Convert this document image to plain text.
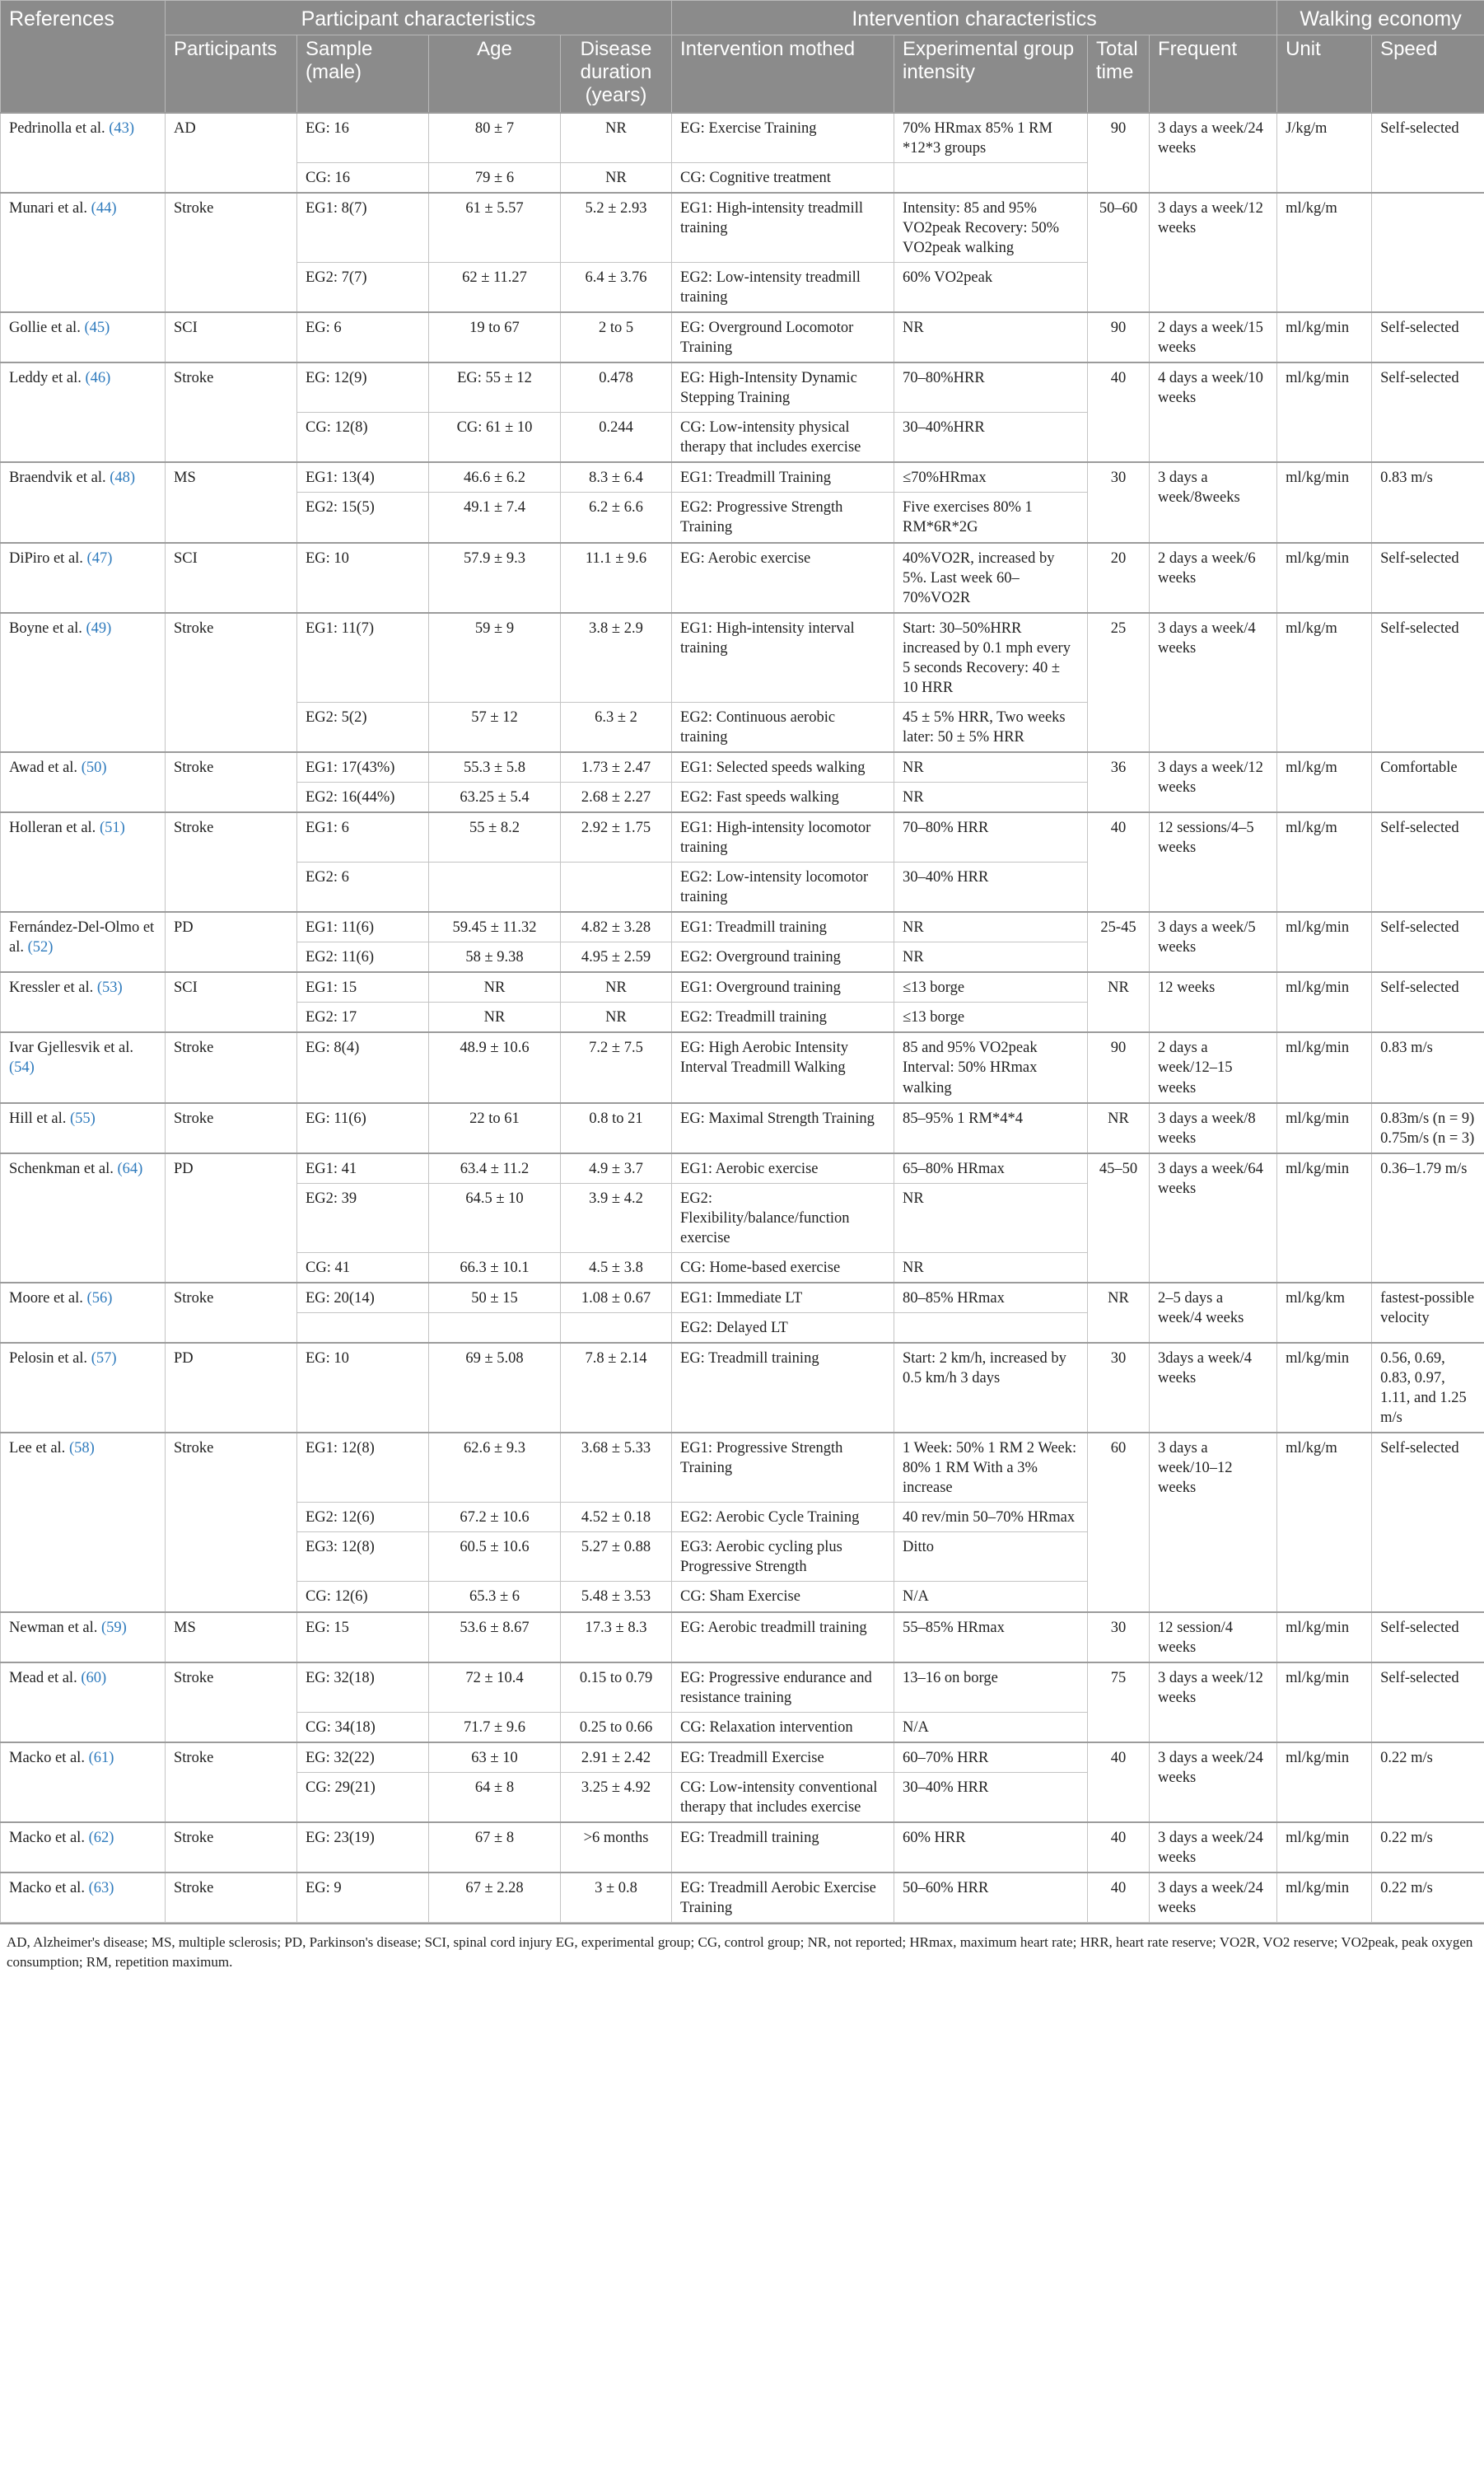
References	Participant characteristics				Intervention characteristics				Walking economy	
	Participants	Sample (male)	Age	Disease duration (years)	Intervention mothed	Experimental group intensity	Total time	Frequent	Unit	Speed
Pedrinolla et al. (43)	AD	EG: 16	80 ± 7	NR	EG: Exercise Training	70% HRmax 85% 1 RM *12*3 groups	90	3 days a week/24 weeks	J/kg/m	Self-selected
		CG: 16	79 ± 6	NR	CG: Cognitive treatment					
Munari et al. (44)	Stroke	EG1: 8(7)	61 ± 5.57	5.2 ± 2.93	EG1: High-intensity treadmill training	Intensity: 85 and 95% VO2peak Recovery: 50% VO2peak walking	50–60	3 days a week/12 weeks	ml/kg/m	
		EG2: 7(7)	62 ± 11.27	6.4 ± 3.76	EG2: Low-intensity treadmill training	60% VO2peak				
Gollie et al. (45)	SCI	EG: 6	19 to 67	2 to 5	EG: Overground Locomotor Training	NR	90	2 days a week/15 weeks	ml/kg/min	Self-selected
Leddy et al. (46)	Stroke	EG: 12(9)	EG: 55 ± 12	0.478	EG: High-Intensity Dynamic Stepping Training	70–80%HRR	40	4 days a week/10 weeks	ml/kg/min	Self-selected
		CG: 12(8)	CG: 61 ± 10	0.244	CG: Low-intensity physical therapy that includes exercise	30–40%HRR				
Braendvik et al. (48)	MS	EG1: 13(4)	46.6 ± 6.2	8.3 ± 6.4	EG1: Treadmill Training	≤70%HRmax	30	3 days a week/8weeks	ml/kg/min	0.83 m/s
		EG2: 15(5)	49.1 ± 7.4	6.2 ± 6.6	EG2: Progressive Strength Training	Five exercises 80% 1 RM*6R*2G				
DiPiro et al. (47)	SCI	EG: 10	57.9 ± 9.3	11.1 ± 9.6	EG: Aerobic exercise	40%VO2R, increased by 5%. Last week 60–70%VO2R	20	2 days a week/6 weeks	ml/kg/min	Self-selected
Boyne et al. (49)	Stroke	EG1: 11(7)	59 ± 9	3.8 ± 2.9	EG1: High-intensity interval training	Start: 30–50%HRR increased by 0.1 mph every 5 seconds Recovery: 40 ± 10 HRR	25	3 days a week/4 weeks	ml/kg/m	Self-selected
		EG2: 5(2)	57 ± 12	6.3 ± 2	EG2: Continuous aerobic training	45 ± 5% HRR, Two weeks later: 50 ± 5% HRR				
Awad et al. (50)	Stroke	EG1: 17(43%)	55.3 ± 5.8	1.73 ± 2.47	EG1: Selected speeds walking	NR	36	3 days a week/12 weeks	ml/kg/m	Comfortable
		EG2: 16(44%)	63.25 ± 5.4	2.68 ± 2.27	EG2: Fast speeds walking	NR				
Holleran et al. (51)	Stroke	EG1: 6	55 ± 8.2	2.92 ± 1.75	EG1: High-intensity locomotor training	70–80% HRR	40	12 sessions/4–5 weeks	ml/kg/m	Self-selected
		EG2: 6			EG2: Low-intensity locomotor training	30–40% HRR				
Fernández-Del-Olmo et al. (52)	PD	EG1: 11(6)	59.45 ± 11.32	4.82 ± 3.28	EG1: Treadmill training	NR	25-45	3 days a week/5 weeks	ml/kg/min	Self-selected
		EG2: 11(6)	58 ± 9.38	4.95 ± 2.59	EG2: Overground training	NR				
Kressler et al. (53)	SCI	EG1: 15	NR	NR	EG1: Overground training	≤13 borge	NR	12 weeks	ml/kg/min	Self-selected
		EG2: 17	NR	NR	EG2: Treadmill training	≤13 borge				
Ivar Gjellesvik et al. (54)	Stroke	EG: 8(4)	48.9 ± 10.6	7.2 ± 7.5	EG: High Aerobic Intensity Interval Treadmill Walking	85 and 95% VO2peak Interval: 50% HRmax walking	90	2 days a week/12–15 weeks	ml/kg/min	0.83 m/s
Hill et al. (55)	Stroke	EG: 11(6)	22 to 61	0.8 to 21	EG: Maximal Strength Training	85–95% 1 RM*4*4	NR	3 days a week/8 weeks	ml/kg/min	0.83m/s (n = 9) 0.75m/s (n = 3)
Schenkman et al. (64)	PD	EG1: 41	63.4 ± 11.2	4.9 ± 3.7	EG1: Aerobic exercise	65–80% HRmax	45–50	3 days a week/64 weeks	ml/kg/min	0.36–1.79 m/s
		EG2: 39	64.5 ± 10	3.9 ± 4.2	EG2: Flexibility/balance/function exercise	NR				
		CG: 41	66.3 ± 10.1	4.5 ± 3.8	CG: Home-based exercise	NR				
Moore et al. (56)	Stroke	EG: 20(14)	50 ± 15	1.08 ± 0.67	EG1: Immediate LT	80–85% HRmax	NR	2–5 days a week/4 weeks	ml/kg/km	fastest-possible velocity
					EG2: Delayed LT					
Pelosin et al. (57)	PD	EG: 10	69 ± 5.08	7.8 ± 2.14	EG: Treadmill training	Start: 2 km/h, increased by 0.5 km/h 3 days	30	3days a week/4 weeks	ml/kg/min	0.56, 0.69, 0.83, 0.97, 1.11, and 1.25 m/s
Lee et al. (58)	Stroke	EG1: 12(8)	62.6 ± 9.3	3.68 ± 5.33	EG1: Progressive Strength Training	1 Week: 50% 1 RM 2 Week: 80% 1 RM With a 3% increase	60	3 days a week/10–12 weeks	ml/kg/m	Self-selected
		EG2: 12(6)	67.2 ± 10.6	4.52 ± 0.18	EG2: Aerobic Cycle Training	40 rev/min 50–70% HRmax				
		EG3: 12(8)	60.5 ± 10.6	5.27 ± 0.88	EG3: Aerobic cycling plus Progressive Strength	Ditto				
		CG: 12(6)	65.3 ± 6	5.48 ± 3.53	CG: Sham Exercise	N/A				
Newman et al. (59)	MS	EG: 15	53.6 ± 8.67	17.3 ± 8.3	EG: Aerobic treadmill training	55–85% HRmax	30	12 session/4 weeks	ml/kg/min	Self-selected
Mead et al. (60)	Stroke	EG: 32(18)	72 ± 10.4	0.15 to 0.79	EG: Progressive endurance and resistance training	13–16 on borge	75	3 days a week/12 weeks	ml/kg/min	Self-selected
		CG: 34(18)	71.7 ± 9.6	0.25 to 0.66	CG: Relaxation intervention	N/A				
Macko et al. (61)	Stroke	EG: 32(22)	63 ± 10	2.91 ± 2.42	EG: Treadmill Exercise	60–70% HRR	40	3 days a week/24 weeks	ml/kg/min	0.22 m/s
		CG: 29(21)	64 ± 8	3.25 ± 4.92	CG: Low-intensity conventional therapy that includes exercise	30–40% HRR				
Macko et al. (62)	Stroke	EG: 23(19)	67 ± 8	>6 months	EG: Treadmill training	60% HRR	40	3 days a week/24 weeks	ml/kg/min	0.22 m/s
Macko et al. (63)	Stroke	EG: 9	67 ± 2.28	3 ± 0.8	EG: Treadmill Aerobic Exercise Training	50–60% HRR	40	3 days a week/24 weeks	ml/kg/min	0.22 m/s
AD, Alzheimer's disease; MS, multiple sclerosis; PD, Parkinson's disease; SCI, spinal cord injury EG, experimental group; CG, control group; NR, not reported; HRmax, maximum heart rate; HRR, heart rate reserve; VO2R, VO2 reserve; VO2peak, peak oxygen consumption; RM, repetition maximum.
